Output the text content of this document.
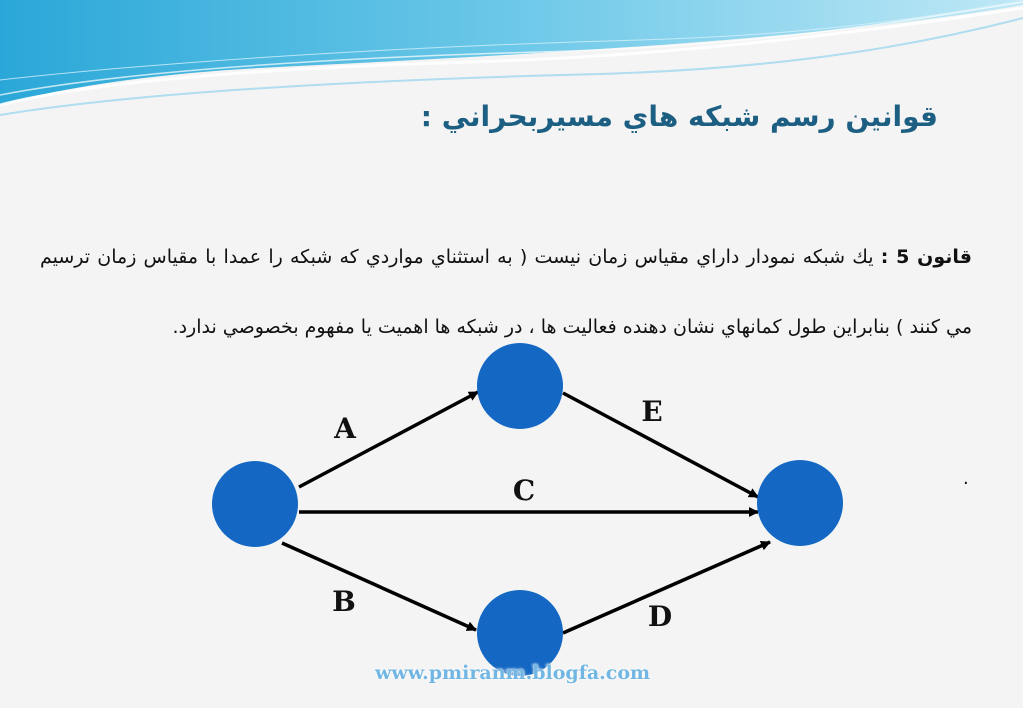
قوانين رسم شبكه هاي مسيربحراني :
قانون 5 : يك شبكه نمودار داراي مقياس زمان نيست ( به استثناي مواردي كه شبكه را عمدا با مقياس زمان ترسيم مي كنند ) بنابراين طول كمانهاي نشان دهنده فعاليت ها ، در شبكه ها اهميت يا مفهوم بخصوصي ندارد.
.
A
B
C
D
E
www.pmiranm.blogfa.com
